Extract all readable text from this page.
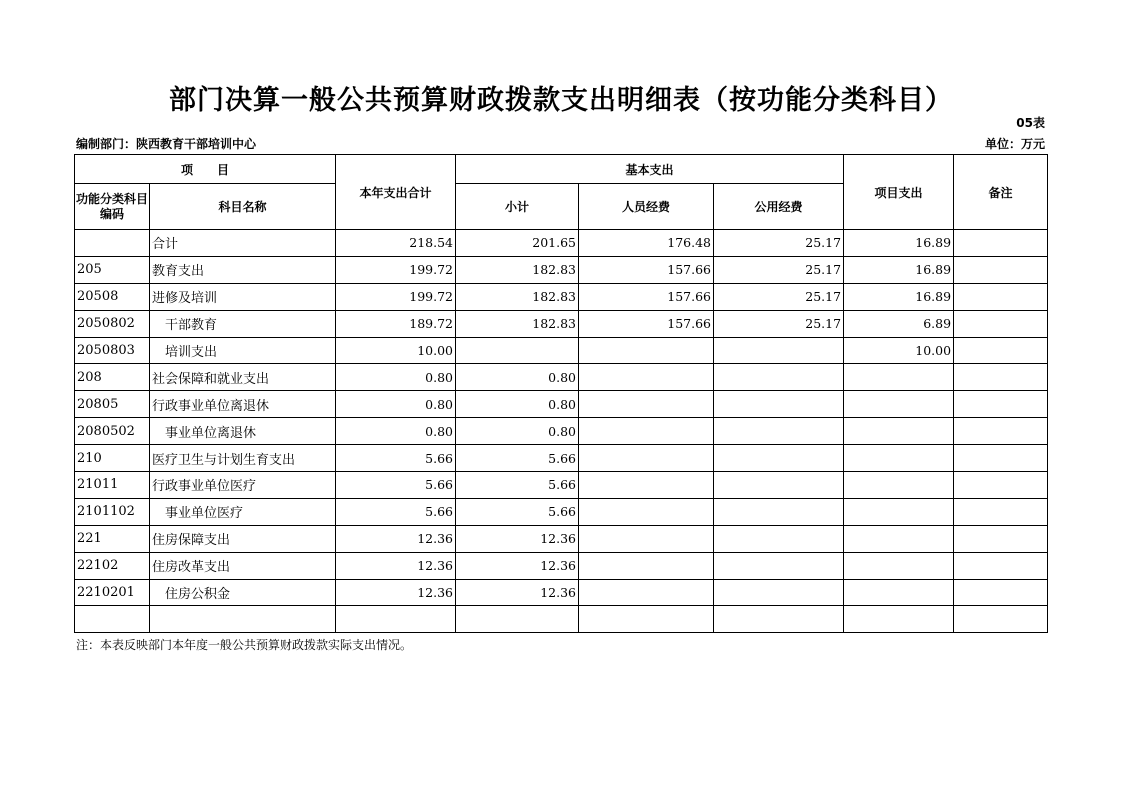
部门决算一般公共预算财政拨款支出明细表（按功能分类科目）
05表
编制部门：陕西教育干部培训中心	单位：万元
项　　目		本年支出合计	基本支出			项目支出	备注
功能分类科目编码	科目名称		小计	人员经费	公用经费		
	合计	218.54	201.65	176.48	25.17	16.89	
205	教育支出	199.72	182.83	157.66	25.17	16.89	
20508	进修及培训	199.72	182.83	157.66	25.17	16.89	
2050802	　干部教育	189.72	182.83	157.66	25.17	6.89	
2050803	　培训支出	10.00				10.00	
208	社会保障和就业支出	0.80	0.80				
20805	行政事业单位离退休	0.80	0.80				
2080502	　事业单位离退休	0.80	0.80				
210	医疗卫生与计划生育支出	5.66	5.66				
21011	行政事业单位医疗	5.66	5.66				
2101102	　事业单位医疗	5.66	5.66				
221	住房保障支出	12.36	12.36				
22102	住房改革支出	12.36	12.36				
2210201	　住房公积金	12.36	12.36				

注：本表反映部门本年度一般公共预算财政拨款实际支出情况。
